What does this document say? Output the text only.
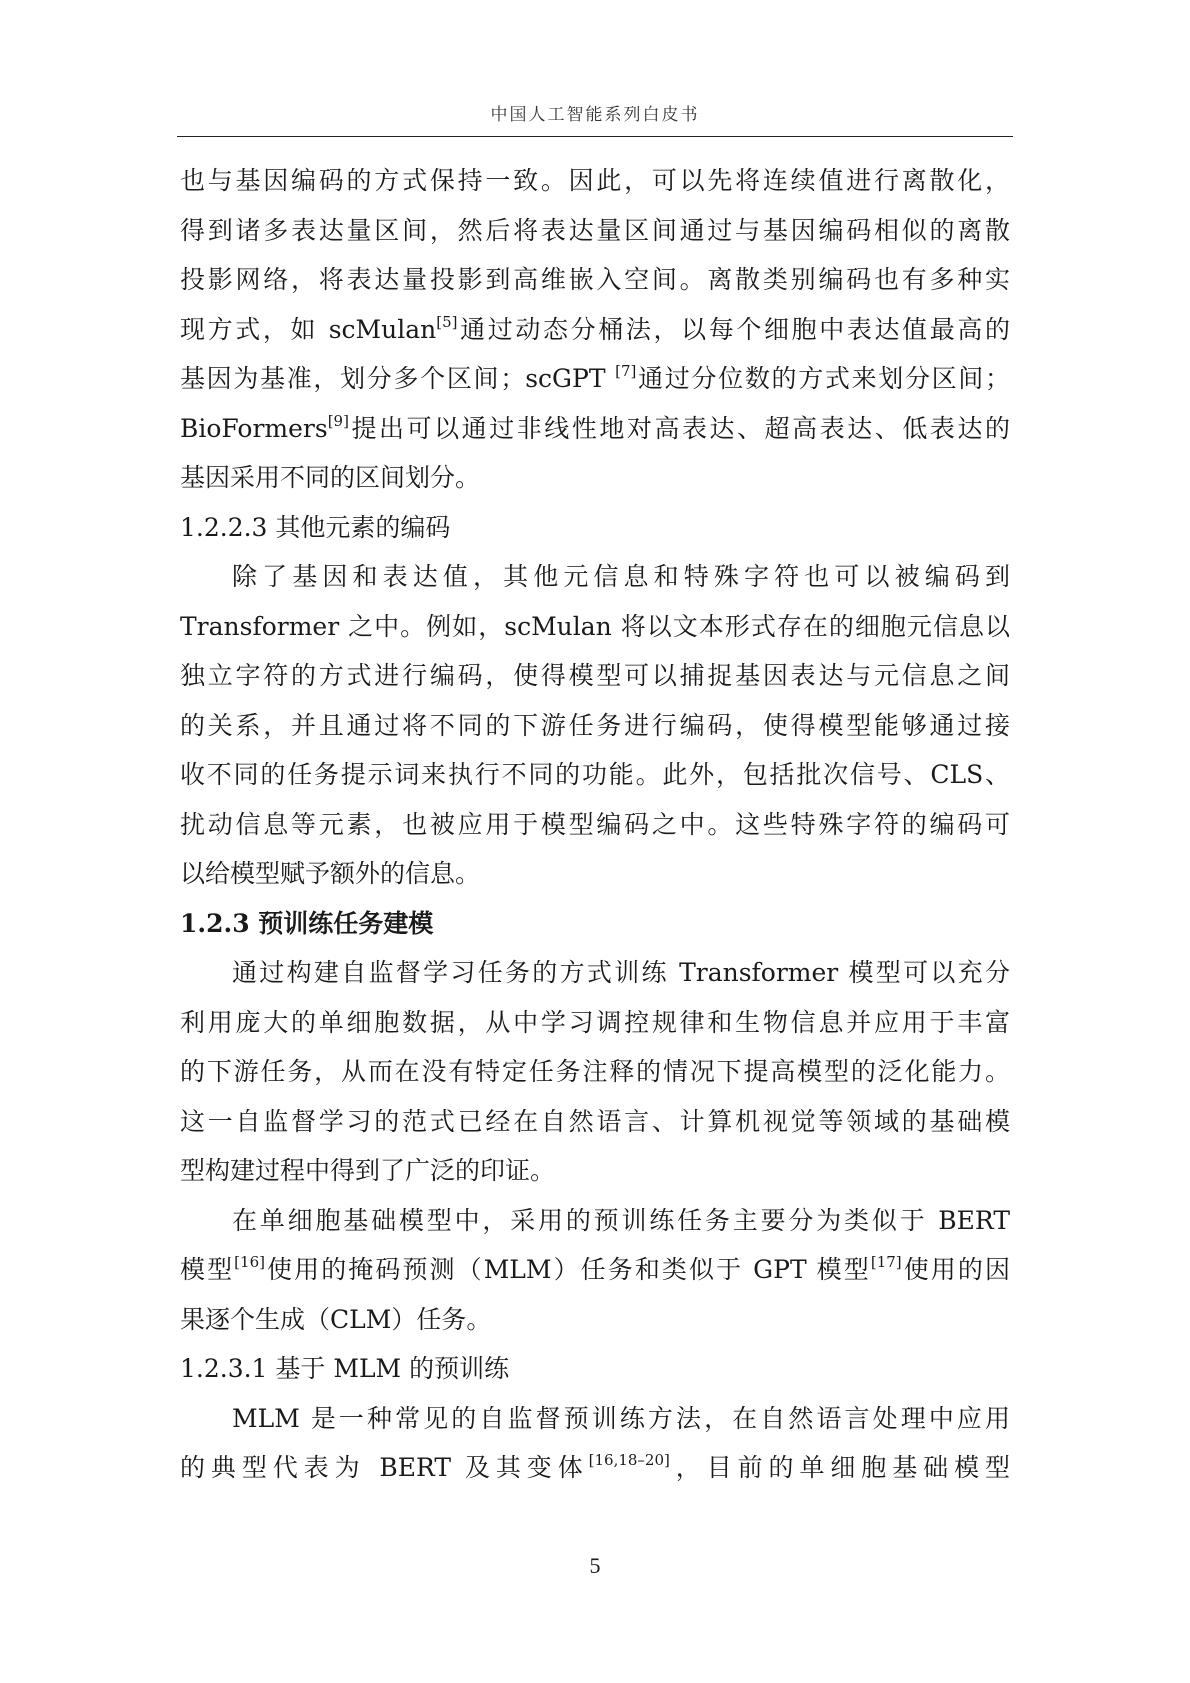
中国人工智能系列白皮书
也与基因编码的方式保持一致。因此，可以先将连续值进行离散化，
得到诸多表达量区间，然后将表达量区间通过与基因编码相似的离散
投影网络，将表达量投影到高维嵌入空间。离散类别编码也有多种实
现方式，如 scMulan[5]通过动态分桶法，以每个细胞中表达值最高的
基因为基准，划分多个区间；scGPT [7]通过分位数的方式来划分区间；
BioFormers[9]提出可以通过非线性地对高表达、超高表达、低表达的
基因采用不同的区间划分。
1.2.2.3 其他元素的编码
除了基因和表达值，其他元信息和特殊字符也可以被编码到
Transformer 之中。例如，scMulan 将以文本形式存在的细胞元信息以
独立字符的方式进行编码，使得模型可以捕捉基因表达与元信息之间
的关系，并且通过将不同的下游任务进行编码，使得模型能够通过接
收不同的任务提示词来执行不同的功能。此外，包括批次信号、CLS、
扰动信息等元素，也被应用于模型编码之中。这些特殊字符的编码可
以给模型赋予额外的信息。
1.2.3 预训练任务建模
通过构建自监督学习任务的方式训练 Transformer 模型可以充分
利用庞大的单细胞数据，从中学习调控规律和生物信息并应用于丰富
的下游任务，从而在没有特定任务注释的情况下提高模型的泛化能力。
这一自监督学习的范式已经在自然语言、计算机视觉等领域的基础模
型构建过程中得到了广泛的印证。
在单细胞基础模型中，采用的预训练任务主要分为类似于 BERT
模型[16]使用的掩码预测（MLM）任务和类似于 GPT 模型[17]使用的因
果逐个生成（CLM）任务。
1.2.3.1 基于 MLM 的预训练
MLM 是一种常见的自监督预训练方法，在自然语言处理中应用
的典型代表为 BERT 及其变体[16,18–20]，目前的单细胞基础模型
5
